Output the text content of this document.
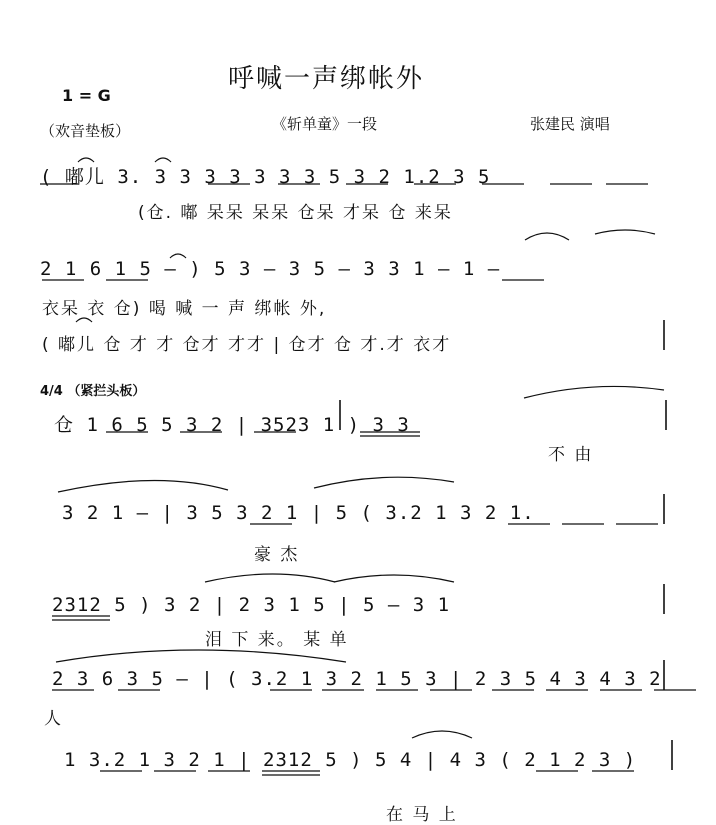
呼喊一声绑帐外
1 = G
（欢音垫板）	《斩单童》一段	张建民 演唱
( 嘟儿 3. 3 3 3 3 3 3 3 5 3 2 1.2 3 5
(仓. 嘟 呆呆 呆呆 仓呆 才呆 仓 来呆
2 1 6 1 5 – ) 5 3 – 3 5 – 3 3 1 – 1 –
衣呆 衣 仓) 喝 喊 一 声 绑帐 外,
( 嘟儿 仓 才 才 仓才 才才 | 仓才 仓 才.才 衣才
4/4 （紧拦头板）
仓 1 6 5 5 3 2 | 3523 1 ) 3 3
不 由
3 2 1 – | 3 5 3 2 1 | 5 ( 3.2 1 3 2 1.
豪 杰
2312 5 ) 3 2 | 2 3 1 5 | 5 – 3 1
泪 下 来。 某 单
2 3 6 3 5 – | ( 3.2 1 3 2 1 5 3 | 2 3 5 4 3 4 3 2
人
1 3.2 1 3 2 1 | 2312 5 ) 5 4 | 4 3 ( 2 1 2 3 )
在 马 上
